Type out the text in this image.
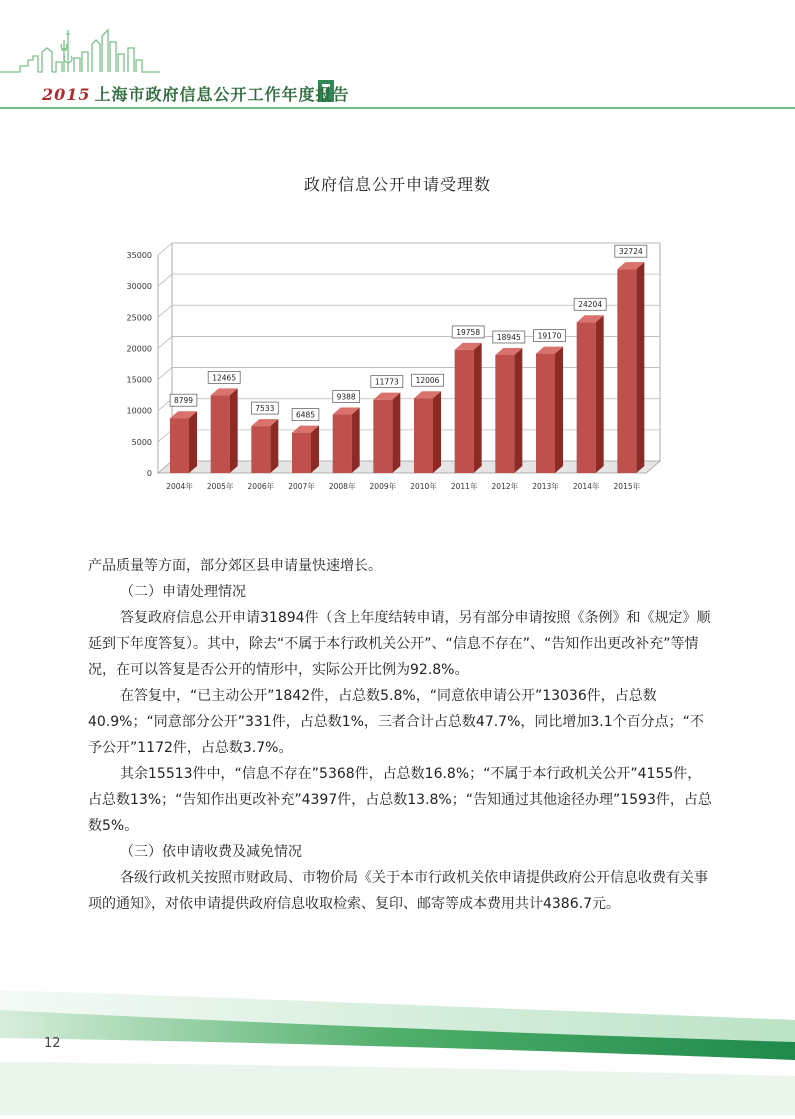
2015 上海市政府信息公开工作年度报告
政府信息公开申请受理数
0
5000
10000
15000
20000
25000
30000
35000
8799
2004年
12465
2005年
7533
2006年
6485
2007年
9388
2008年
11773
2009年
12006
2010年
19758
2011年
18945
2012年
19170
2013年
24204
2014年
32724
2015年

产品质量等方面，部分郊区县申请量快速增长。

（二）申请处理情况

答复政府信息公开申请31894件（含上年度结转申请，另有部分申请按照《条例》和《规定》顺延到下年度答复）。其中，除去“不属于本行政机关公开”、“信息不存在”、“告知作出更改补充”等情况，在可以答复是否公开的情形中，实际公开比例为92.8%。

在答复中，“已主动公开”1842件，占总数5.8%，“同意依申请公开”13036件，占总数40.9%；“同意部分公开”331件，占总数1%，三者合计占总数47.7%，同比增加3.1个百分点；“不予公开”1172件，占总数3.7%。

其余15513件中，“信息不存在”5368件，占总数16.8%；“不属于本行政机关公开”4155件，占总数13%；“告知作出更改补充”4397件，占总数13.8%；“告知通过其他途径办理”1593件，占总数5%。

（三）依申请收费及减免情况

各级行政机关按照市财政局、市物价局《关于本市行政机关依申请提供政府公开信息收费有关事项的通知》，对依申请提供政府信息收取检索、复印、邮寄等成本费用共计4386.7元。

12
